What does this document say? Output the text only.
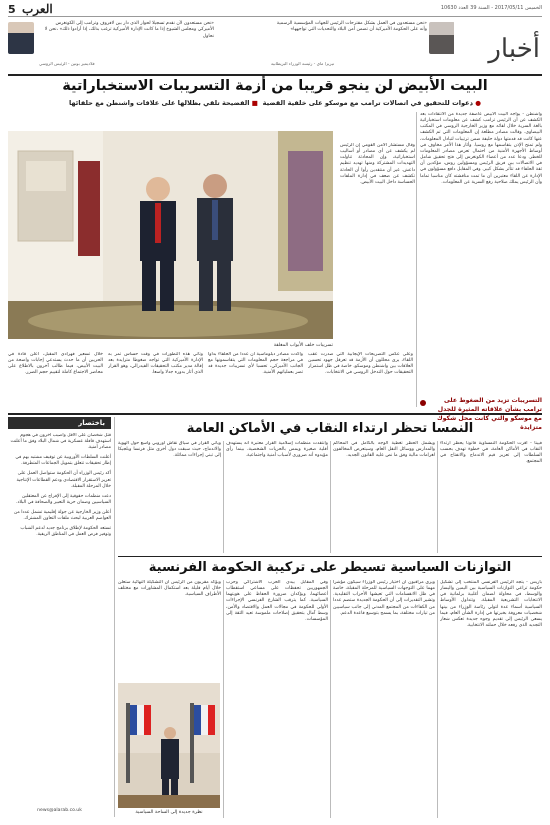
5 العرب	الخميس 2017/05/11 - السنة 39 العدد 10630
«نحن مستعدون لأن نقدم تسجيلا لحوار الذي دار بين لافروف وترامب إلى الكونغرس الأميركي ومجلس الشيوخ إذا ما كانت الإدارة الأميركية ترغب بذلك، إذا أرادوا ذلك» ،نحن لا نحاول
فلاديمير بوتين - الرئيس الروسي
«نحن مستعدون في العمل بشكل مقترحات الرئيس للجهات المؤسسية الرسمية وأنه على الحكومة الأميركية أن تضمن أمن البلاد والتحديات التي تواجهها»
تيريزا ماي - رئيسة الوزراء البريطانية	أخبار
البيت الأبيض لن ينجو قريبا من أزمة التسريبات الاستخباراتية
● دعوات للتحقيق في اتصالات ترامب مع موسكو على خلفية القضية  ■ الفضيحة تلقي بظلالها على علاقات واشنطن مع حلفائها
واشنطن - يواجه البيت الأبيض عاصفة جديدة من الانتقادات بعد الكشف عن أن الرئيس ترامب كشف عن معلومات استخباراتية بالغة السرية خلال لقائه مع وزير الخارجية الروسي في المكتب البيضاوي. وقالت مصادر مطلعة إن المعلومات التي تم الكشف عنها كانت قد قدمتها دولة حليفة ضمن ترتيبات لتبادل المعلومات، ولم تمنح الإذن بتقاسمها مع روسيا. وأثار هذا الأمر مخاوف في أوساط الأجهزة الأمنية من احتمال تعرض مصادر المعلومات للخطر. ودعا عدد من أعضاء الكونغرس إلى فتح تحقيق شامل في الاتصالات بين فريق الرئيس ومسؤولين روس، مؤكدين أن ثقة الحلفاء قد تتأثر بشكل كبير. وفي المقابل دافع مسؤولون في الإدارة عن اللقاء معتبرين أن ما تمت مناقشته كان مناسبا تماما وأن الرئيس يملك صلاحية رفع السرية عن المعلومات.
وقال مستشار الأمن القومي إن الرئيس لم يكشف عن أي مصادر أو أساليب استخباراتية، وإن المحادثة تناولت التهديدات المشتركة ومنها تهديد تنظيم داعش. غير أن منتقدين رأوا أن الحادثة تكشف عن ضعف في إدارة الملفات الحساسة داخل البيت الأبيض.
التسريبات تزيد من الضغوط على ترامب بشأن علاقاته المثيرة للجدل مع موسكو والتي كانت محل شكوك متزايدة
تسريبات خلف الأبواب المغلقة
خلال تسعير فهرادي المقبل، أعلن قادة في الحزبين أن ما حدث يستدعي إجابات واضحة من البيت الأبيض، فيما طالب آخرون بالاطلاع على محاضر الاجتماع كاملة لتقييم حجم الضرر.
وتأتي هذه التطورات في وقت حساس تمر به الإدارة الأميركية التي تواجه ضغوطا متزايدة بعد إقالة مدير مكتب التحقيقات الفيدرالي، وهو القرار الذي أثار بدوره جدلا واسعا.
وأكدت مصادر دبلوماسية أن عددا من الحلفاء بدأوا في مراجعة حجم المعلومات التي يتقاسمونها مع الجانب الأميركي، تحسبا لأي تسريبات جديدة قد تضر بعملياتهم الأمنية.
وعلى عكس التصريحات الإيجابية التي صدرت عقب اللقاء، يرى محللون أن الأزمة قد تعرقل جهود تحسين العلاقات بين واشنطن وموسكو، خاصة في ظل استمرار التحقيقات حول التدخل الروسي في الانتخابات.
باختصار

قتل شخصان على الأقل وأصيب آخرون في هجوم استهدف قافلة عسكرية في شمال البلاد وفق ما أعلنت مصادر أمنية.

أعلنت السلطات الأوروبية عن توقيف مشتبه بهم في إطار تحقيقات تتعلق بتمويل الجماعات المتطرفة.

أكد رئيس الوزراء أن الحكومة ستواصل العمل على تعزيز الاستقرار الاقتصادي ودعم القطاعات الإنتاجية خلال المرحلة المقبلة.

دعت منظمات حقوقية إلى الإفراج عن المعتقلين السياسيين وضمان حرية التعبير والصحافة في البلاد.

أعلن وزير الخارجية عن جولة إقليمية تشمل عددا من العواصم العربية لبحث ملفات التعاون المشترك.

تستعد الحكومة لإطلاق برنامج جديد لدعم الشباب وتوفير فرص العمل في المناطق الريفية.

news@alarab.co.uk
النمسا تحظر ارتداء النقاب في الأماكن العامة
فيينا - أقرت الحكومة النمساوية قانونا يحظر ارتداء النقاب في الأماكن العامة، في خطوة تهدف بحسب السلطات إلى تعزيز قيم الاندماج والانفتاح في المجتمع.
ويشمل الحظر تغطية الوجه بالكامل في المحاكم والمدارس ووسائل النقل العام، وسيتعرض المخالفون لغرامات مالية وفق ما نص عليه القانون الجديد.
وانتقدت منظمات إسلامية القرار معتبرة أنه يستهدف أقلية صغيرة ويمس بالحريات الشخصية، بينما رأى مؤيدوه أنه ضروري لأسباب أمنية واجتماعية.
ويأتي القرار في سياق نقاش أوروبي واسع حول الهوية والاندماج، حيث سبقت دول أخرى مثل فرنسا وبلجيكا إلى تبني إجراءات مماثلة.
التوازنات السياسية تسيطر على تركيبة الحكومة الفرنسية
باريس - يتجه الرئيس الفرنسي المنتخب إلى تشكيل حكومة تراعي التوازنات السياسية بين اليمين واليسار والوسط، في محاولة لضمان أغلبية برلمانية في الانتخابات التشريعية المقبلة. وتتداول الأوساط السياسية أسماء عدة لتولي رئاسة الوزراء من بينها شخصيات معروفة بخبرتها في إدارة الشأن العام، فيما يسعى الرئيس إلى تقديم وجوه جديدة تعكس شعار التجديد الذي رفعه خلال حملته الانتخابية.
ويرى مراقبون أن اختيار رئيس الوزراء سيكون مؤشرا مهما على التوجهات السياسية للمرحلة المقبلة، خاصة في ظل الانقسامات التي تعيشها الأحزاب التقليدية. وتشير التقديرات إلى أن الحكومة الجديدة ستضم عددا من الكفاءات من المجتمع المدني إلى جانب سياسيين من تيارات مختلفة، بما يسمح بتوسيع قاعدة الدعم.
وفي المقابل يبدي الحزب الاشتراكي وحزب الجمهوريين تحفظات على مساعي استقطاب أعضائهما، ويؤكدان ضرورة الحفاظ على هويتهما السياسية. كما يترقب الشارع الفرنسي الإجراءات الأولى للحكومة في مجالات العمل والاقتصاد والأمن، وسط آمال بتحقيق إصلاحات ملموسة تعيد الثقة إلى المؤسسات.
ويؤكد مقربون من الرئيس أن التشكيلة النهائية ستعلن خلال أيام قليلة بعد استكمال المشاورات مع مختلف الأطراف السياسية.
نظرة جديدة إلى الساحة السياسية
